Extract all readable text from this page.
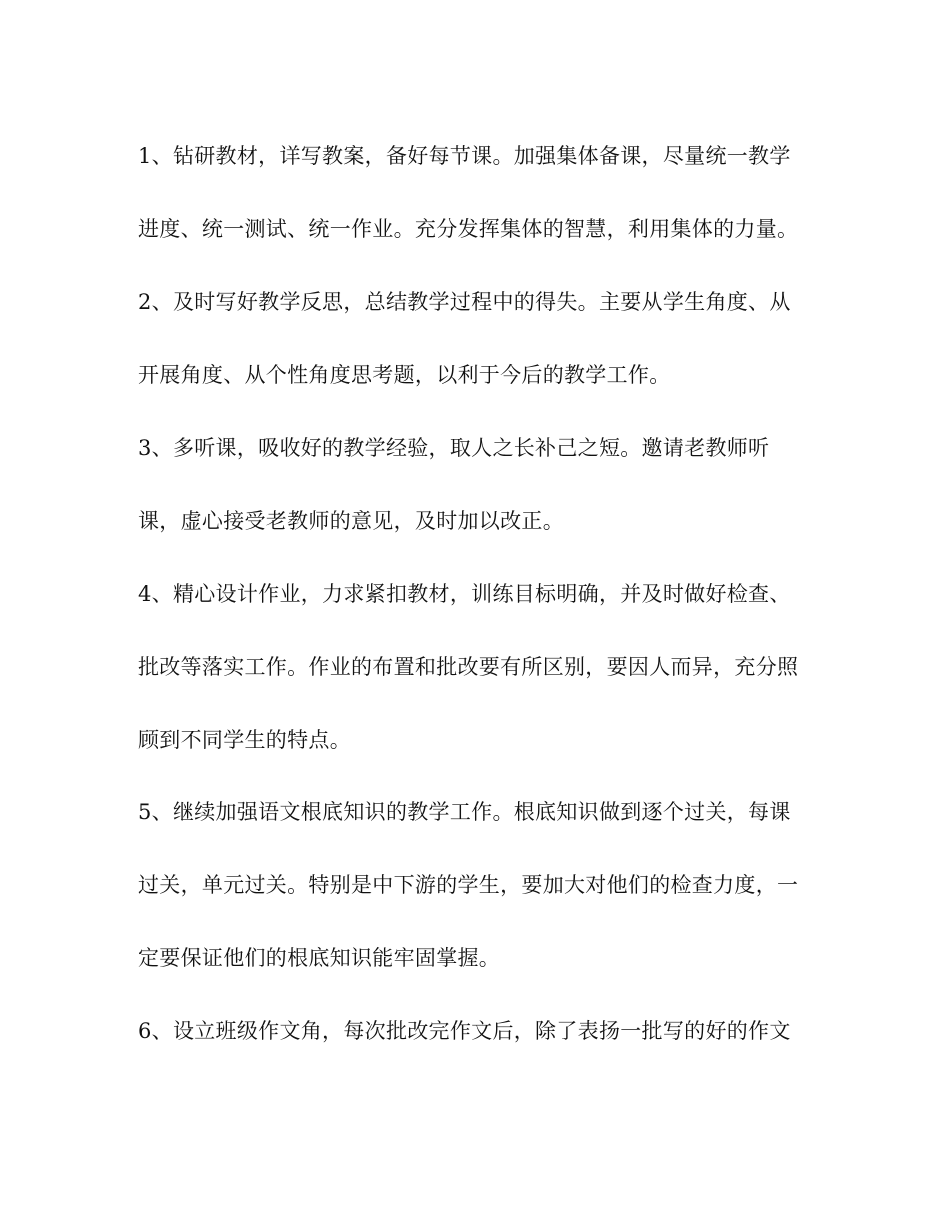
1、钻研教材，详写教案，备好每节课。加强集体备课，尽量统一教学
进度、统一测试、统一作业。充分发挥集体的智慧，利用集体的力量。
2、及时写好教学反思，总结教学过程中的得失。主要从学生角度、从
开展角度、从个性角度思考题，以利于今后的教学工作。
3、多听课，吸收好的教学经验，取人之长补己之短。邀请老教师听
课，虚心接受老教师的意见，及时加以改正。
4、精心设计作业，力求紧扣教材，训练目标明确，并及时做好检查、
批改等落实工作。作业的布置和批改要有所区别，要因人而异，充分照
顾到不同学生的特点。
5、继续加强语文根底知识的教学工作。根底知识做到逐个过关，每课
过关，单元过关。特别是中下游的学生，要加大对他们的检查力度，一
定要保证他们的根底知识能牢固掌握。
6、设立班级作文角，每次批改完作文后，除了表扬一批写的好的作文
